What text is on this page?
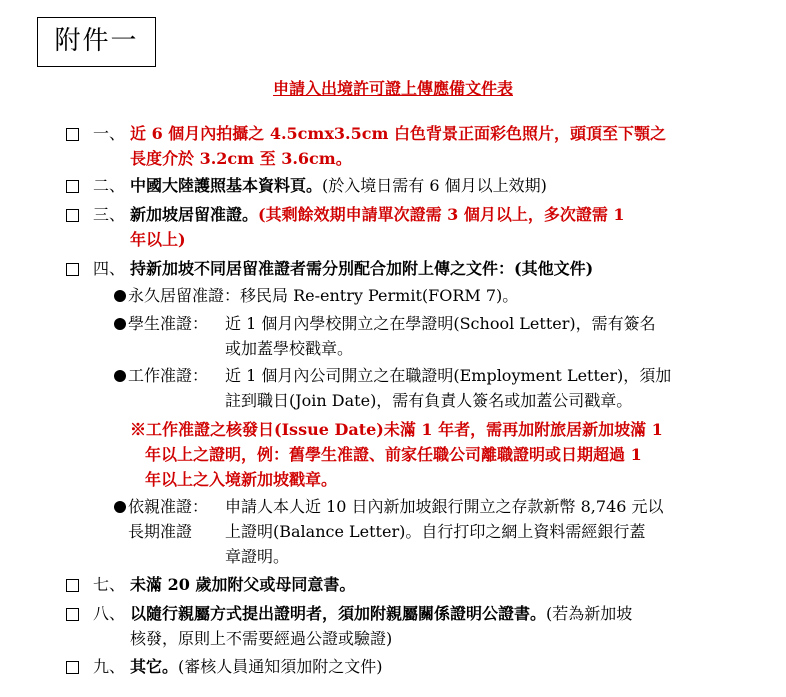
附件一
申請入出境許可證上傳應備文件表
一、 近 6 個月內拍攝之 4.5cmx3.5cm 白色背景正面彩色照片，頭頂至下顎之
長度介於 3.2cm 至 3.6cm。
二、 中國大陸護照基本資料頁。(於入境日需有 6 個月以上效期)
三、 新加坡居留准證。(其剩餘效期申請單次證需 3 個月以上，多次證需 1
年以上)
四、 持新加坡不同居留准證者需分別配合加附上傳之文件：(其他文件)
永久居留准證： 移民局 Re-entry Permit(FORM 7)。
學生准證： 近 1 個月內學校開立之在學證明(School Letter)，需有簽名
或加蓋學校戳章。
工作准證： 近 1 個月內公司開立之在職證明(Employment Letter)，須加
註到職日(Join Date)，需有負責人簽名或加蓋公司戳章。
※工作准證之核發日(Issue Date)未滿 1 年者，需再加附旅居新加坡滿 1
年以上之證明，例：舊學生准證、前家任職公司離職證明或日期超過 1
年以上之入境新加坡戳章。
依親准證：
長期准證
申請人本人近 10 日內新加坡銀行開立之存款新幣 8,746 元以
上證明(Balance Letter)。自行打印之網上資料需經銀行蓋
章證明。
七、 未滿 20 歲加附父或母同意書。
八、 以隨行親屬方式提出證明者，須加附親屬關係證明公證書。(若為新加坡
核發，原則上不需要經過公證或驗證)
九、 其它。(審核人員通知須加附之文件)
